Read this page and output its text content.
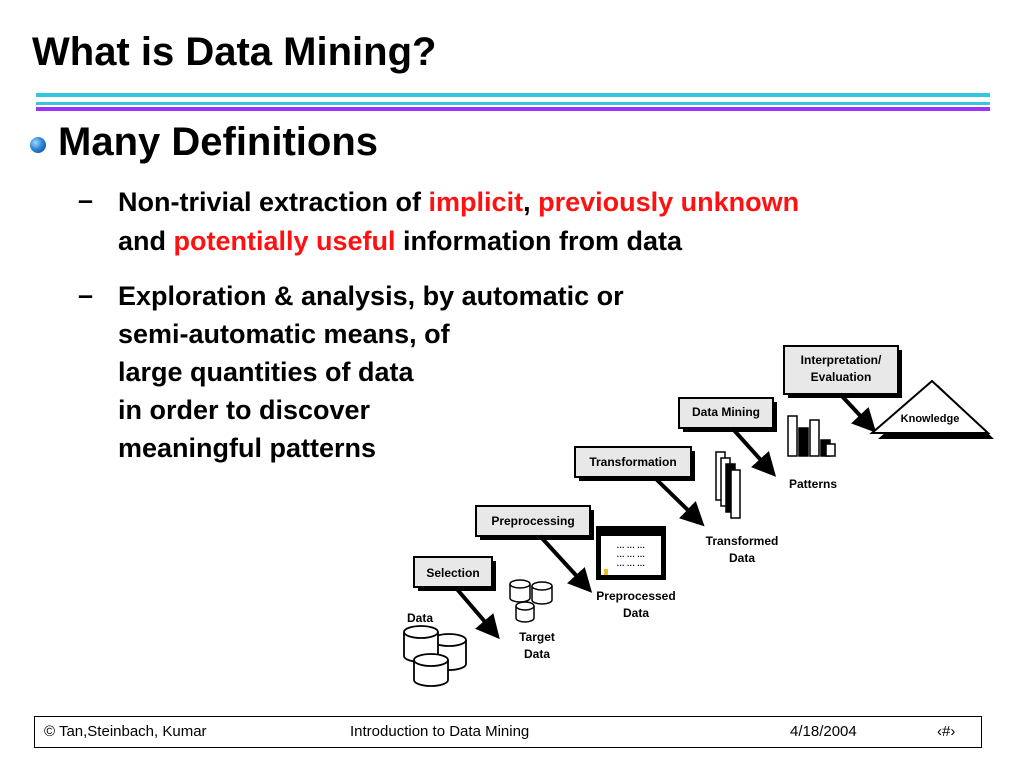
What is Data Mining?
Many Definitions
– Non-trivial extraction of implicit, previously unknown
and potentially useful information from data
– Exploration & analysis, by automatic or
semi-automatic means, of
large quantities of data
in order to discover
meaningful patterns
Selection
Preprocessing
Transformation
Data Mining
Interpretation/
Evaluation
Data
Target
Data
··· ··· ···
··· ··· ···
··· ··· ···
Preprocessed
Data
Transformed
Data
Patterns
Knowledge
© Tan,Steinbach, Kumar	Introduction to Data Mining	4/18/2004	‹#›
